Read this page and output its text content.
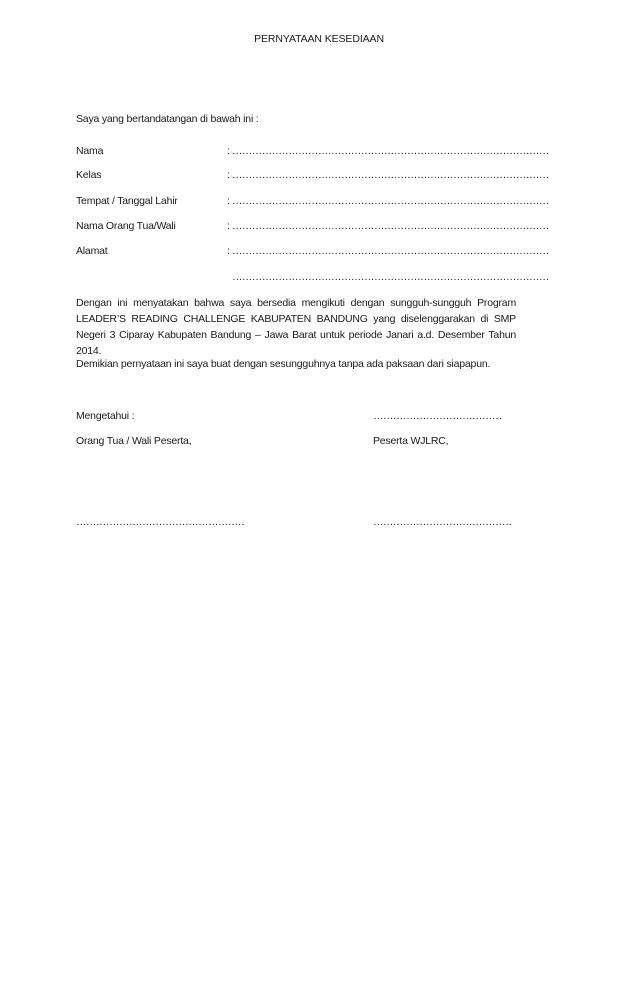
PERNYATAAN KESEDIAAN
Saya yang bertandatangan di bawah ini :
Nama	: ……………………………………………………………………………………
Kelas	: ……………………………………………………………………………………
Tempat / Tanggal Lahir	: ……………………………………………………………………………………
Nama Orang Tua/Wali	: ……………………………………………………………………………………
Alamat	: ……………………………………………………………………………………
……………………………………………………………………………………

Dengan ini menyatakan bahwa saya bersedia mengikuti dengan sungguh-sungguh Program LEADER’S READING CHALLENGE KABUPATEN BANDUNG yang diselenggarakan di SMP Negeri 3 Ciparay Kabupaten Bandung – Jawa Barat untuk periode Janari a.d. Desember Tahun 2014.

Demikian pernyataan ini saya buat dengan sesungguhnya tanpa ada paksaan dari siapapun.
Mengetahui :	…………………………………
Orang Tua / Wali Peserta,	Peserta WJLRC,
……………………………………………	……………………………………
